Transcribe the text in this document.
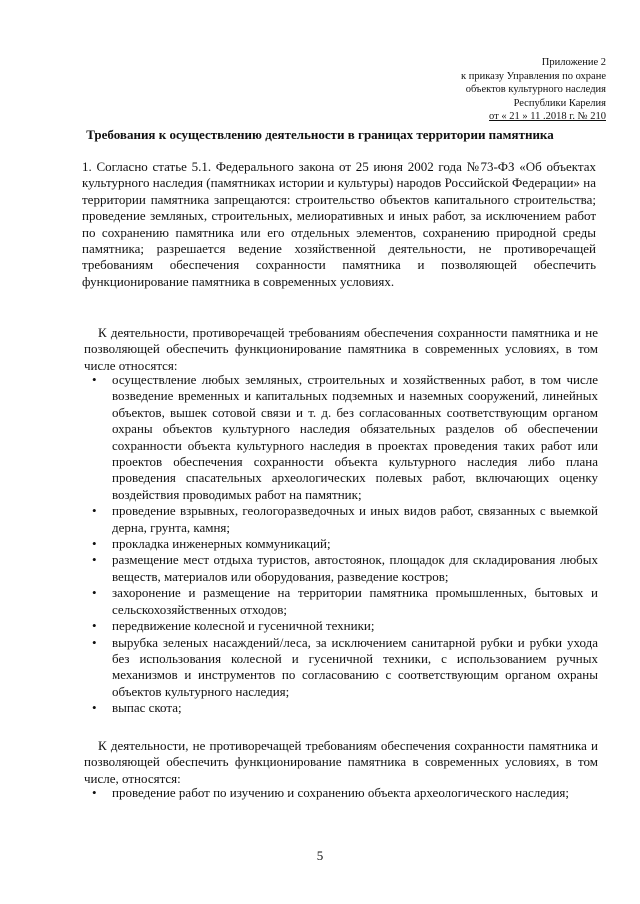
Приложение 2
к приказу Управления по охране
объектов культурного наследия
Республики Карелия
от « 21 » 11 .2018 г. № 210
Требования к осуществлению деятельности в границах территории памятника
1. Согласно статье 5.1. Федерального закона от 25 июня 2002 года №73-ФЗ «Об объектах культурного наследия (памятниках истории и культуры) народов Российской Федерации» на территории памятника запрещаются: строительство объектов капитального строительства; проведение земляных, строительных, мелиоративных и иных работ, за исключением работ по сохранению памятника или его отдельных элементов, сохранению природной среды памятника; разрешается ведение хозяйственной деятельности, не противоречащей требованиям обеспечения сохранности памятника и позволяющей обеспечить функционирование памятника в современных условиях.
К деятельности, противоречащей требованиям обеспечения сохранности памятника и не позволяющей обеспечить функционирование памятника в современных условиях, в том числе относятся:
• осуществление любых земляных, строительных и хозяйственных работ, в том числе возведение временных и капитальных подземных и наземных сооружений, линейных объектов, вышек сотовой связи и т. д. без согласованных соответствующим органом охраны объектов культурного наследия обязательных разделов об обеспечении сохранности объекта культурного наследия в проектах проведения таких работ или проектов обеспечения сохранности объекта культурного наследия либо плана проведения спасательных археологических полевых работ, включающих оценку воздействия проводимых работ на памятник;
• проведение взрывных, геологоразведочных и иных видов работ, связанных с выемкой дерна, грунта, камня;
• прокладка инженерных коммуникаций;
• размещение мест отдыха туристов, автостоянок, площадок для складирования любых веществ, материалов или оборудования, разведение костров;
• захоронение и размещение на территории памятника промышленных, бытовых и сельскохозяйственных отходов;
• передвижение колесной и гусеничной техники;
• вырубка зеленых насаждений/леса, за исключением санитарной рубки и рубки ухода без использования колесной и гусеничной техники, с использованием ручных механизмов и инструментов по согласованию с соответствующим органом охраны объектов культурного наследия;
• выпас скота;
К деятельности, не противоречащей требованиям обеспечения сохранности памятника и позволяющей обеспечить функционирование памятника в современных условиях, в том числе, относятся:
• проведение работ по изучению и сохранению объекта археологического наследия;
5
